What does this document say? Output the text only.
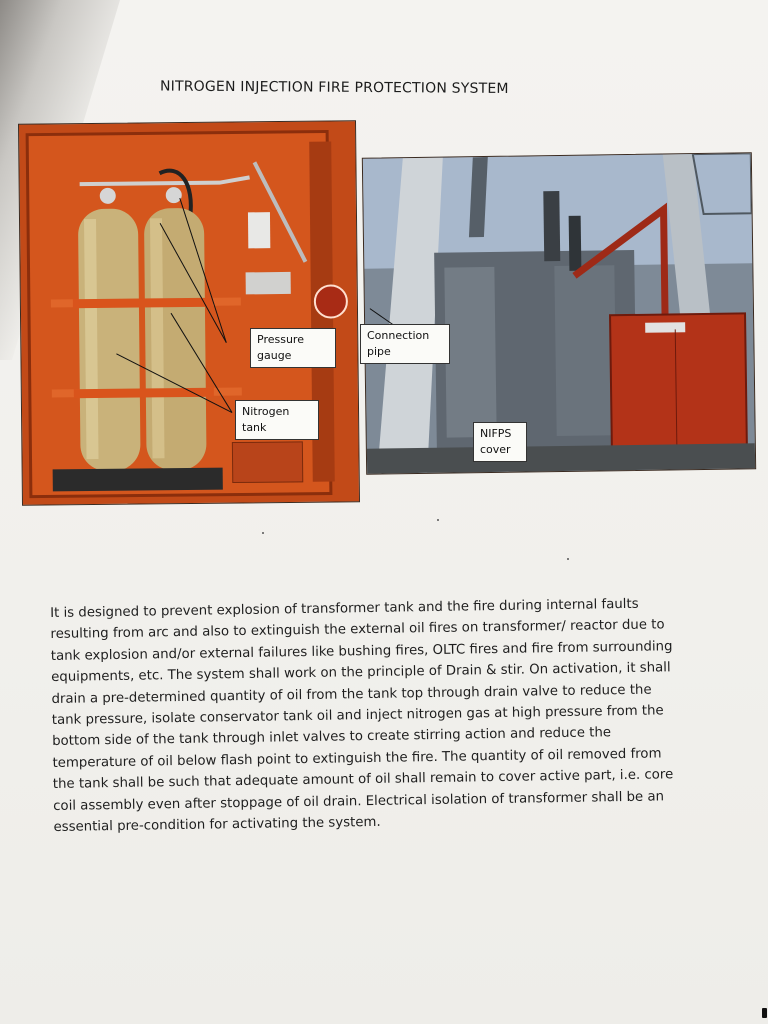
NITROGEN INJECTION FIRE PROTECTION SYSTEM
Pressure
gauge
Nitrogen
tank
Connection
pipe
NIFPS
cover
It is designed to prevent explosion of transformer tank and the fire during internal faults
resulting from arc and also to extinguish the external oil fires on transformer/ reactor due to
tank explosion and/or external failures like bushing fires, OLTC fires and fire from surrounding
equipments, etc. The system shall work on the principle of Drain & stir. On activation, it shall
drain a pre-determined quantity of oil from the tank top through drain valve to reduce the
tank pressure, isolate conservator tank oil and inject nitrogen gas at high pressure from the
bottom side of the tank through inlet valves to create stirring action and reduce the
temperature of oil below flash point to extinguish the fire. The quantity of oil removed from
the tank shall be such that adequate amount of oil shall remain to cover active part, i.e. core
coil assembly even after stoppage of oil drain. Electrical isolation of transformer shall be an
essential pre-condition for activating the system.
